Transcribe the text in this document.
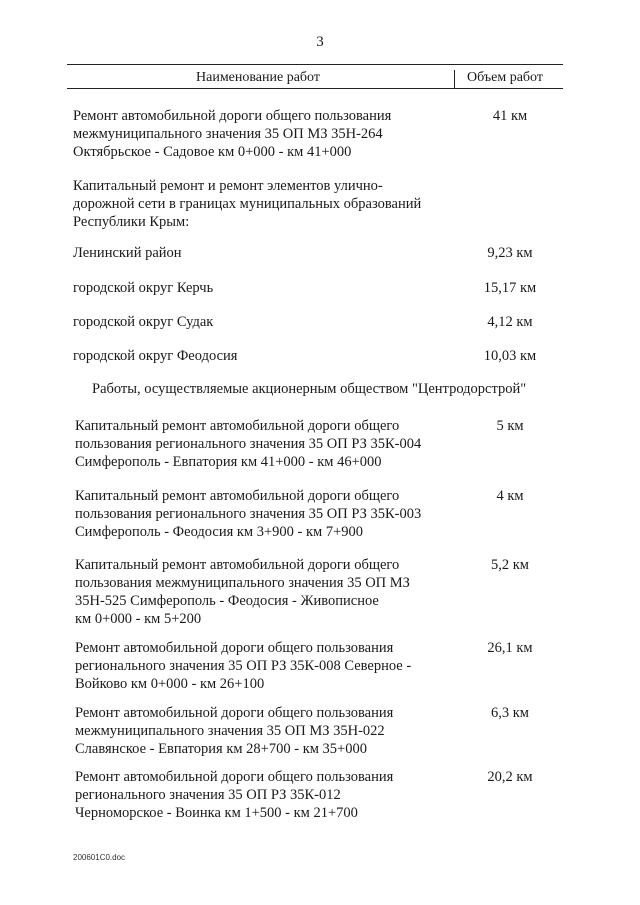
3
Наименование работ	Объем работ
Ремонт автомобильной дороги общего пользования
межмуниципального значения 35 ОП МЗ 35Н-264
Октябрьское - Садовое км 0+000 - км 41+000
41 км
Капитальный ремонт и ремонт элементов улично-
дорожной сети в границах муниципальных образований
Республики Крым:
Ленинский район	9,23 км
городской округ Керчь	15,17 км
городской округ Судак	4,12 км
городской округ Феодосия	10,03 км
Работы, осуществляемые акционерным обществом "Центродорстрой"
Капитальный ремонт автомобильной дороги общего
пользования регионального значения 35 ОП РЗ 35К-004
Симферополь - Евпатория км 41+000 - км 46+000
5 км
Капитальный ремонт автомобильной дороги общего
пользования регионального значения 35 ОП РЗ 35К-003
Симферополь - Феодосия км 3+900 - км 7+900
4 км
Капитальный ремонт автомобильной дороги общего
пользования межмуниципального значения 35 ОП МЗ
35Н-525 Симферополь - Феодосия - Живописное
км 0+000 - км 5+200
5,2 км
Ремонт автомобильной дороги общего пользования
регионального значения 35 ОП РЗ 35К-008 Северное -
Войково км 0+000 - км 26+100
26,1 км
Ремонт автомобильной дороги общего пользования
межмуниципального значения 35 ОП МЗ 35Н-022
Славянское - Евпатория км 28+700 - км 35+000
6,3 км
Ремонт автомобильной дороги общего пользования
регионального значения 35 ОП РЗ 35К-012
Черноморское - Воинка км 1+500 - км 21+700
20,2 км
200601С0.doc
